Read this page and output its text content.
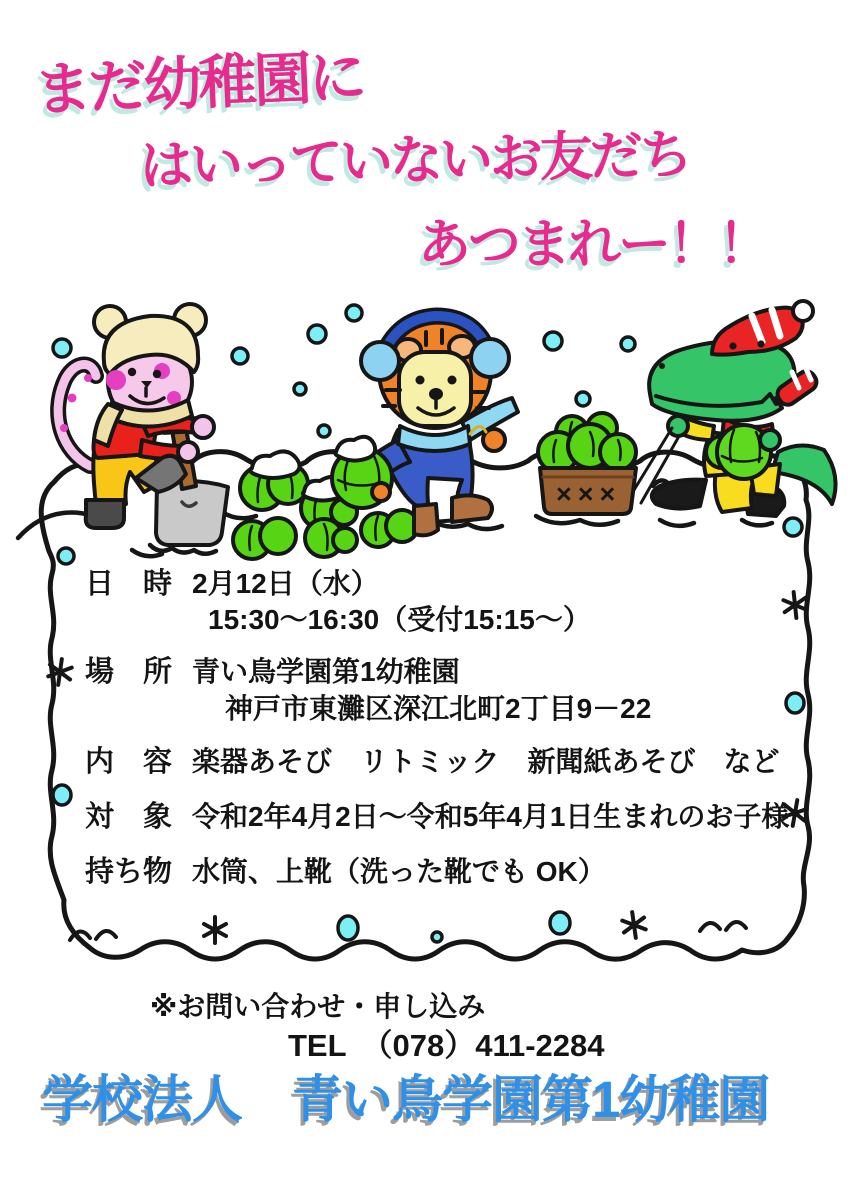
まだ幼稚園に
はいっていないお友だち
あつまれー！！
×××
日　時 2月12日（水）
15:30～16:30（受付15:15～）
場　所 青い鳥学園第1幼稚園
神戸市東灘区深江北町2丁目9－22
内　容 楽器あそび　リトミック　新聞紙あそび　など
対　象 令和2年4月2日～令和5年4月1日生まれのお子様
持ち物 水筒、上靴（洗った靴でも OK）
※お問い合わせ・申し込み
TEL　（078）411-2284
学校法人　青い鳥学園第1幼稚園
